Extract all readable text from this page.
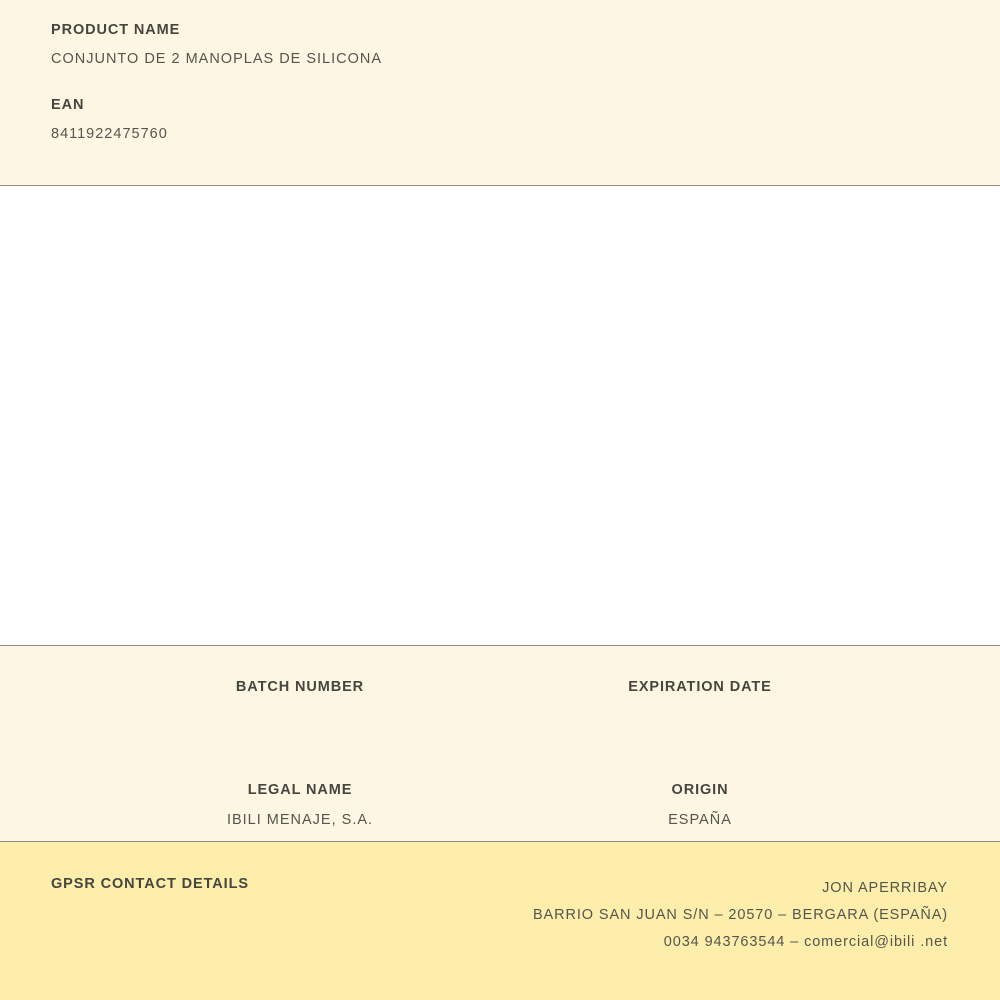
PRODUCT NAME
CONJUNTO DE 2 MANOPLAS DE SILICONA
EAN
8411922475760
BATCH NUMBER	EXPIRATION DATE
LEGAL NAME
IBILI MENAJE, S.A.
ORIGIN
ESPAÑA
GPSR CONTACT DETAILS	JON APERRIBAY
BARRIO SAN JUAN S/N – 20570 – BERGARA (ESPAÑA)
0034 943763544 – comercial@ibili .net
